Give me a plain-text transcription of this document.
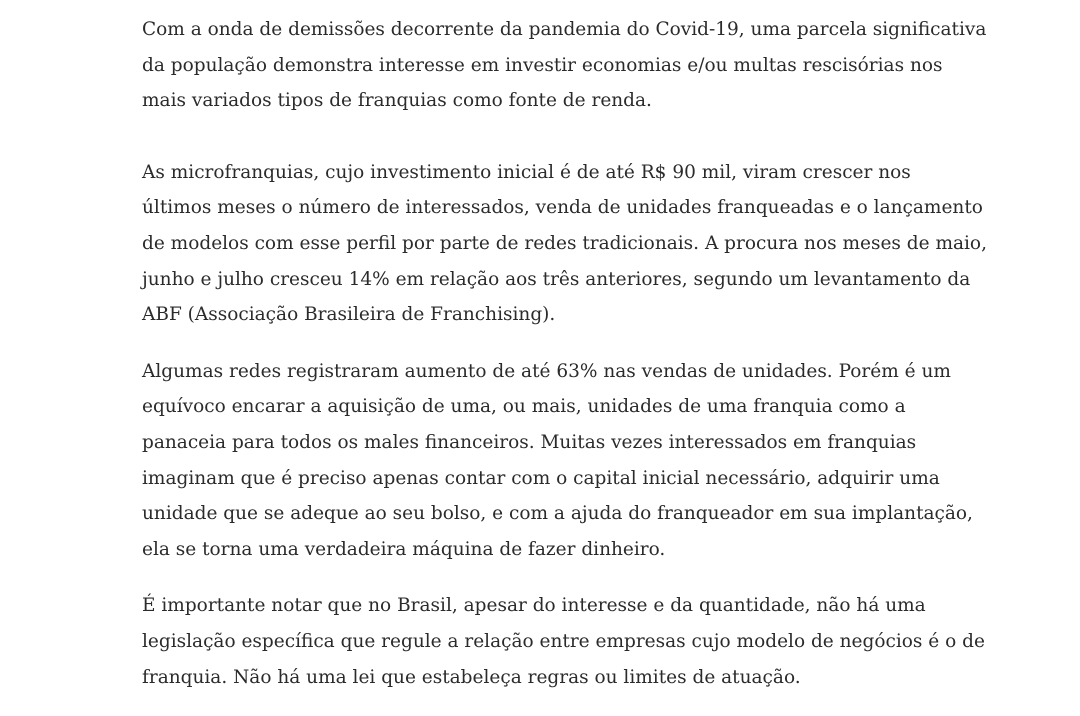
Com a onda de demissões decorrente da pandemia do Covid-19, uma parcela significativa
da população demonstra interesse em investir economias e/ou multas rescisórias nos
mais variados tipos de franquias como fonte de renda.

As microfranquias, cujo investimento inicial é de até R$ 90 mil, viram crescer nos
últimos meses o número de interessados, venda de unidades franqueadas e o lançamento
de modelos com esse perfil por parte de redes tradicionais. A procura nos meses de maio,
junho e julho cresceu 14% em relação aos três anteriores, segundo um levantamento da
ABF (Associação Brasileira de Franchising).

Algumas redes registraram aumento de até 63% nas vendas de unidades. Porém é um
equívoco encarar a aquisição de uma, ou mais, unidades de uma franquia como a
panaceia para todos os males financeiros. Muitas vezes interessados em franquias
imaginam que é preciso apenas contar com o capital inicial necessário, adquirir uma
unidade que se adeque ao seu bolso, e com a ajuda do franqueador em sua implantação,
ela se torna uma verdadeira máquina de fazer dinheiro.

É importante notar que no Brasil, apesar do interesse e da quantidade, não há uma
legislação específica que regule a relação entre empresas cujo modelo de negócios é o de
franquia. Não há uma lei que estabeleça regras ou limites de atuação.
